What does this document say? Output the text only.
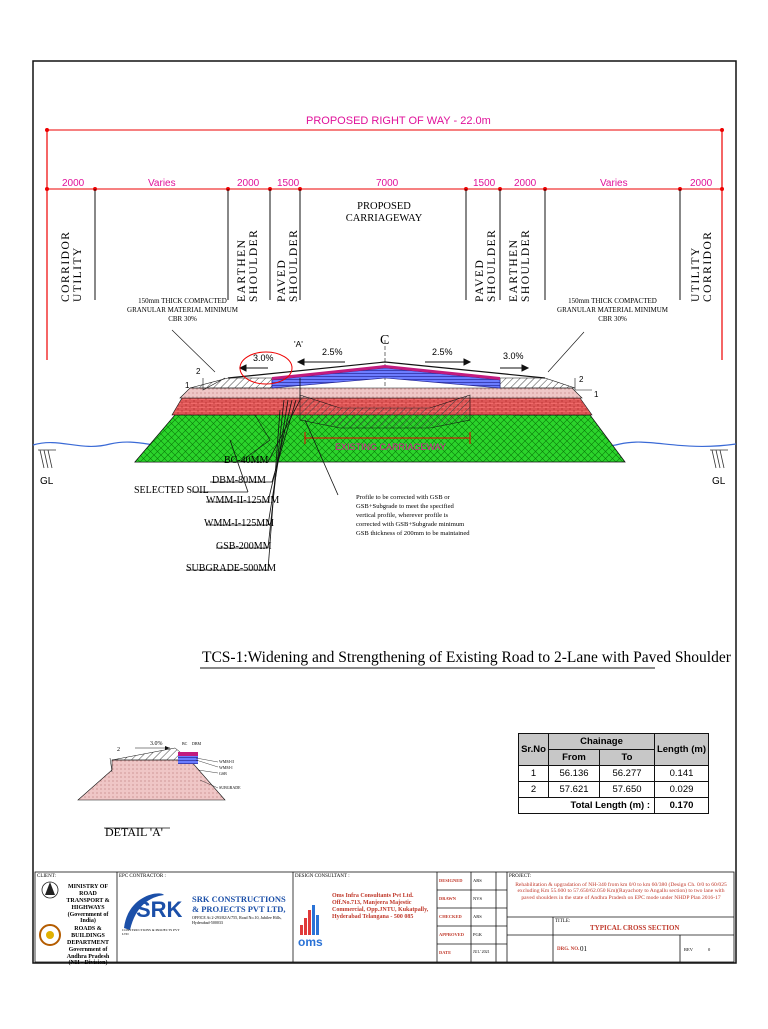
PROPOSED RIGHT OF WAY - 22.0m
2000	Varies	2000 1500	7000	1500 2000	Varies	2000
CORRIDOR UTILITY	EARTHEN SHOULDER	PAVED SHOULDER
PROPOSED CARRIAGEWAY
PAVED SHOULDER EARTHEN SHOULDER	UTILITY CORRIDOR
150mm THICK COMPACTED GRANULAR MATERIAL MINIMUM CBR 30%
150mm THICK COMPACTED GRANULAR MATERIAL MINIMUM CBR 30%
3.0%
2.5%	2.5%	3.0%
2
1
2
1
'A'	C
EXISTING CARRIAGEWAY
GL	GL
BC-40MM
DBM-80MM
SELECTED SOIL
WMM-II-125MM
WMM-I-125MM
GSB-200MM
SUBGRADE-500MM
Profile to be corrected with GSB or GSB+Subgrade to meet the specified vertical profile, wherever profile is corrected with GSB+Subgrade minimum GSB thickness of 200mm to be maintained
TCS-1:Widening and Strengthening of Existing Road to 2-Lane with Paved Shoulder
3.0%
2
BC DBM
WMM-II
WMM-I
GSB
SUBGRADE
DETAIL 'A'
Sr.No	Chainage		Length (m)
	From	To	
1	56.136	56.277	0.141
2	57.621	57.650	0.029
Total Length (m) :			0.170
CLIENT:
MINISTRY OF ROAD TRANSPORT & HIGHWAYS (Government of India)
ROADS & BUILDINGS DEPARTMENT Government of Andhra Pradesh (NH - Division)
EPC CONTRACTOR :
SRK
CONSTRUCTIONS & PROJECTS PVT LTD
SRK CONSTRUCTIONS & PROJECTS PVT LTD,
OFFICE At 2-293/82/A/755, Road No.10, Jubilee Hills, Hyderabad-500033
DESIGN CONSULTANT :
oms
Oms Infra Consultants Pvt Ltd. Off.No.713, Manjeera Majestic Commercial, Opp.JNTU, Kukatpally, Hyderabad Telangana - 500 085
DESIGNED
DRAWN
CHECKED
APPROVED
DATE
ARS
NVS
ARS
PGK
JUL' 2021
PROJECT:
Rehabilitation & upgradation of NH-340 from km 0/0 to km 60/380 (Design Ch. 0/0 to 60/025 excluding Km 55.600 to 57.650/62.050 Km)(Rayachoty to Angallu section) to two lane with paved shoulders in the state of Andhra Pradesh on EPC mode under NHDP Plan 2016-17
TITLE:
TYPICAL CROSS SECTION
DRG. NO. 01	REV	0
